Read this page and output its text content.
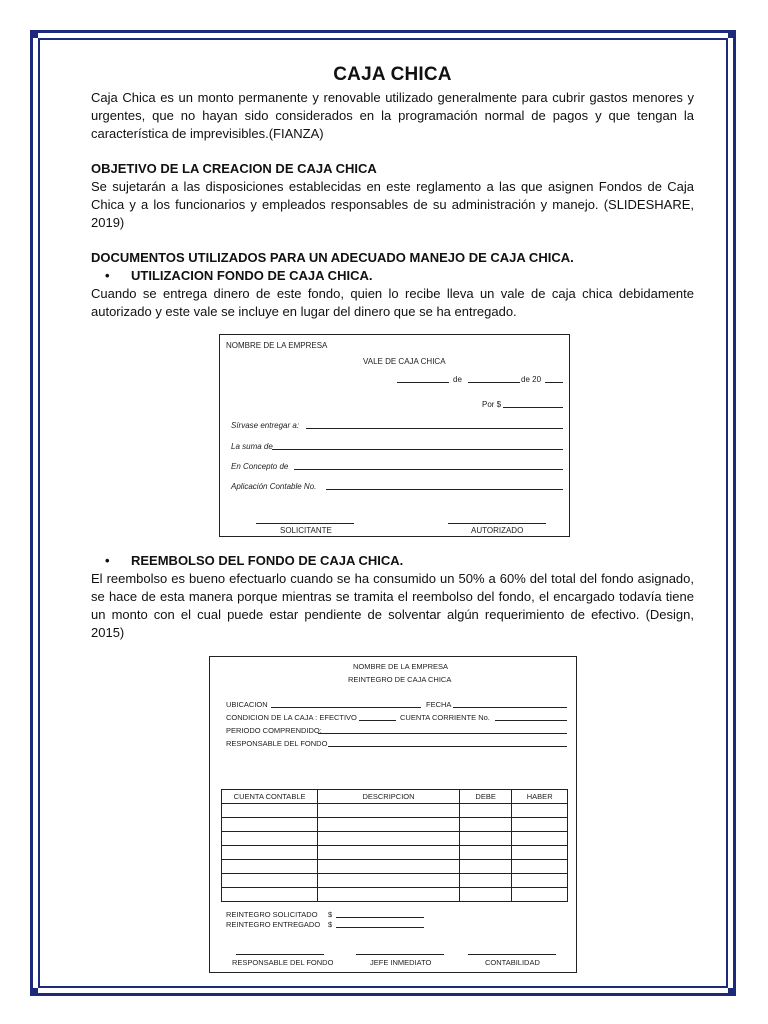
CAJA CHICA

Caja Chica es un monto permanente y renovable utilizado generalmente para cubrir gastos menores y urgentes, que no hayan sido considerados en la programación normal de pagos y que tengan la característica de imprevisibles.(FIANZA)

OBJETIVO DE LA CREACION DE CAJA CHICA

Se sujetarán a las disposiciones establecidas en este reglamento a las que asignen Fondos de Caja Chica y a los funcionarios y empleados responsables de su administración y manejo. (SLIDESHARE, 2019)

DOCUMENTOS UTILIZADOS PARA UN ADECUADO MANEJO DE CAJA CHICA.

• UTILIZACION FONDO DE CAJA CHICA.

Cuando se entrega dinero de este fondo, quien lo recibe lleva un vale de caja chica debidamente autorizado y este vale se incluye en lugar del dinero que se ha entregado.

NOMBRE DE LA EMPRESA
VALE DE CAJA CHICA
de	de 20
Por $
Sírvase entregar a:
La suma de
En Concepto de
Aplicación Contable No.
SOLICITANTE	AUTORIZADO

• REEMBOLSO DEL FONDO DE CAJA CHICA.

El reembolso es bueno efectuarlo cuando se ha consumido un 50% a 60% del total del fondo asignado, se hace de esta manera porque mientras se tramita el reembolso del fondo, el encargado todavía tiene un monto con el cual puede estar pendiente de solventar algún requerimiento de efectivo. (Design, 2015)

NOMBRE DE LA EMPRESA
REINTEGRO DE CAJA CHICA
UBICACION	FECHA
CONDICION DE LA CAJA : EFECTIVO	CUENTA CORRIENTE No.
PERIODO COMPRENDIDO:
RESPONSABLE DEL FONDO
CUENTA CONTABLE	DESCRIPCION	DEBE	HABER

REINTEGRO SOLICITADO $
REINTEGRO ENTREGADO $
RESPONSABLE DEL FONDO	JEFE INMEDIATO	CONTABILIDAD
